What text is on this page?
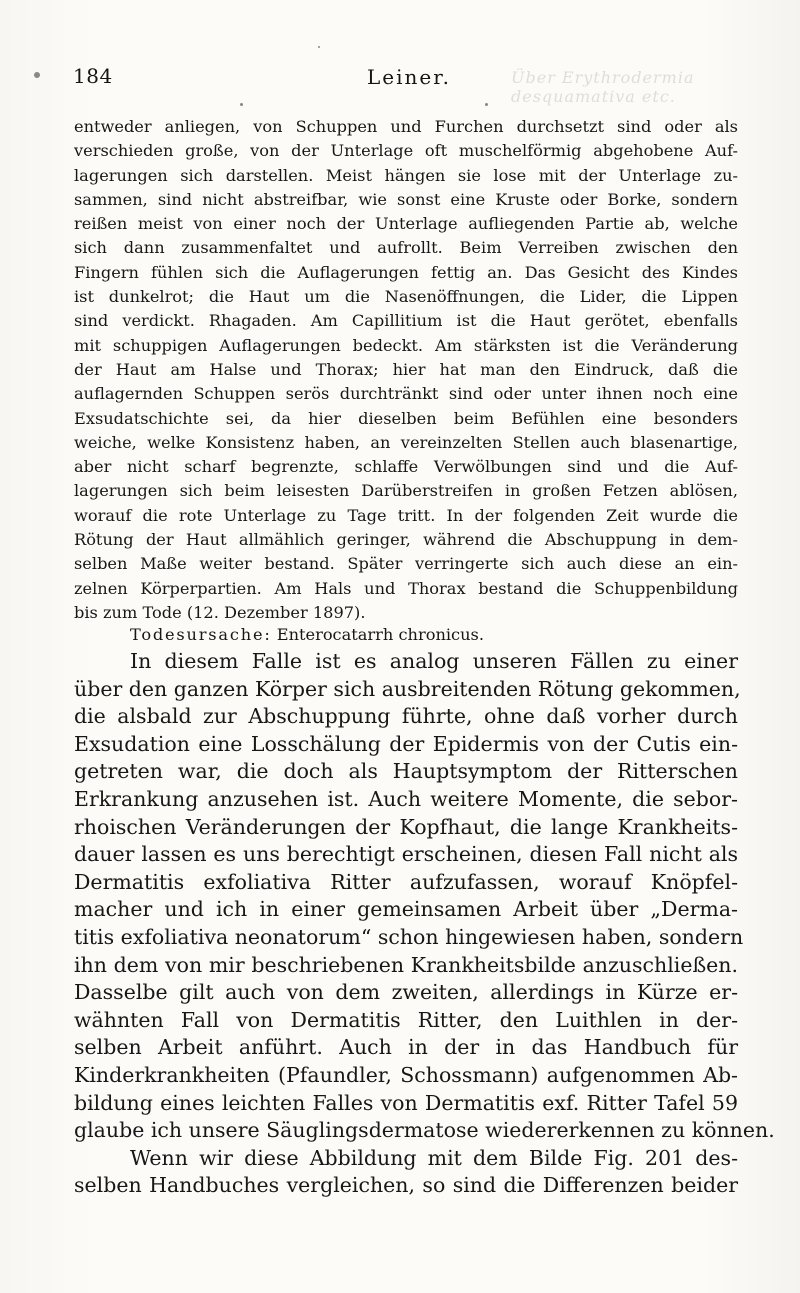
184	Leiner.	Über Erythrodermia desquamativa etc.
entweder anliegen, von Schuppen und Furchen durchsetzt sind oder als
verschieden große, von der Unterlage oft muschelförmig abgehobene Auf-
lagerungen sich darstellen. Meist hängen sie lose mit der Unterlage zu-
sammen, sind nicht abstreifbar, wie sonst eine Kruste oder Borke, sondern
reißen meist von einer noch der Unterlage aufliegenden Partie ab, welche
sich dann zusammenfaltet und aufrollt. Beim Verreiben zwischen den
Fingern fühlen sich die Auflagerungen fettig an. Das Gesicht des Kindes
ist dunkelrot; die Haut um die Nasenöffnungen, die Lider, die Lippen
sind verdickt. Rhagaden. Am Capillitium ist die Haut gerötet, ebenfalls
mit schuppigen Auflagerungen bedeckt. Am stärksten ist die Veränderung
der Haut am Halse und Thorax; hier hat man den Eindruck, daß die
auflagernden Schuppen serös durchtränkt sind oder unter ihnen noch eine
Exsudatschichte sei, da hier dieselben beim Befühlen eine besonders
weiche, welke Konsistenz haben, an vereinzelten Stellen auch blasenartige,
aber nicht scharf begrenzte, schlaffe Verwölbungen sind und die Auf-
lagerungen sich beim leisesten Darüberstreifen in großen Fetzen ablösen,
worauf die rote Unterlage zu Tage tritt. In der folgenden Zeit wurde die
Rötung der Haut allmählich geringer, während die Abschuppung in dem-
selben Maße weiter bestand. Später verringerte sich auch diese an ein-
zelnen Körperpartien. Am Hals und Thorax bestand die Schuppenbildung
bis zum Tode (12. Dezember 1897).
Todesursache: Enterocatarrh chronicus.
In diesem Falle ist es analog unseren Fällen zu einer
über den ganzen Körper sich ausbreitenden Rötung gekommen,
die alsbald zur Abschuppung führte, ohne daß vorher durch
Exsudation eine Losschälung der Epidermis von der Cutis ein-
getreten war, die doch als Hauptsymptom der Ritterschen
Erkrankung anzusehen ist. Auch weitere Momente, die sebor-
rhoischen Veränderungen der Kopfhaut, die lange Krankheits-
dauer lassen es uns berechtigt erscheinen, diesen Fall nicht als
Dermatitis exfoliativa Ritter aufzufassen, worauf Knöpfel-
macher und ich in einer gemeinsamen Arbeit über „Derma-
titis exfoliativa neonatorum“ schon hingewiesen haben, sondern
ihn dem von mir beschriebenen Krankheitsbilde anzuschließen.
Dasselbe gilt auch von dem zweiten, allerdings in Kürze er-
wähnten Fall von Dermatitis Ritter, den Luithlen in der-
selben Arbeit anführt. Auch in der in das Handbuch für
Kinderkrankheiten (Pfaundler, Schossmann) aufgenommen Ab-
bildung eines leichten Falles von Dermatitis exf. Ritter Tafel 59
glaube ich unsere Säuglingsdermatose wiedererkennen zu können.
Wenn wir diese Abbildung mit dem Bilde Fig. 201 des-
selben Handbuches vergleichen, so sind die Differenzen beider
